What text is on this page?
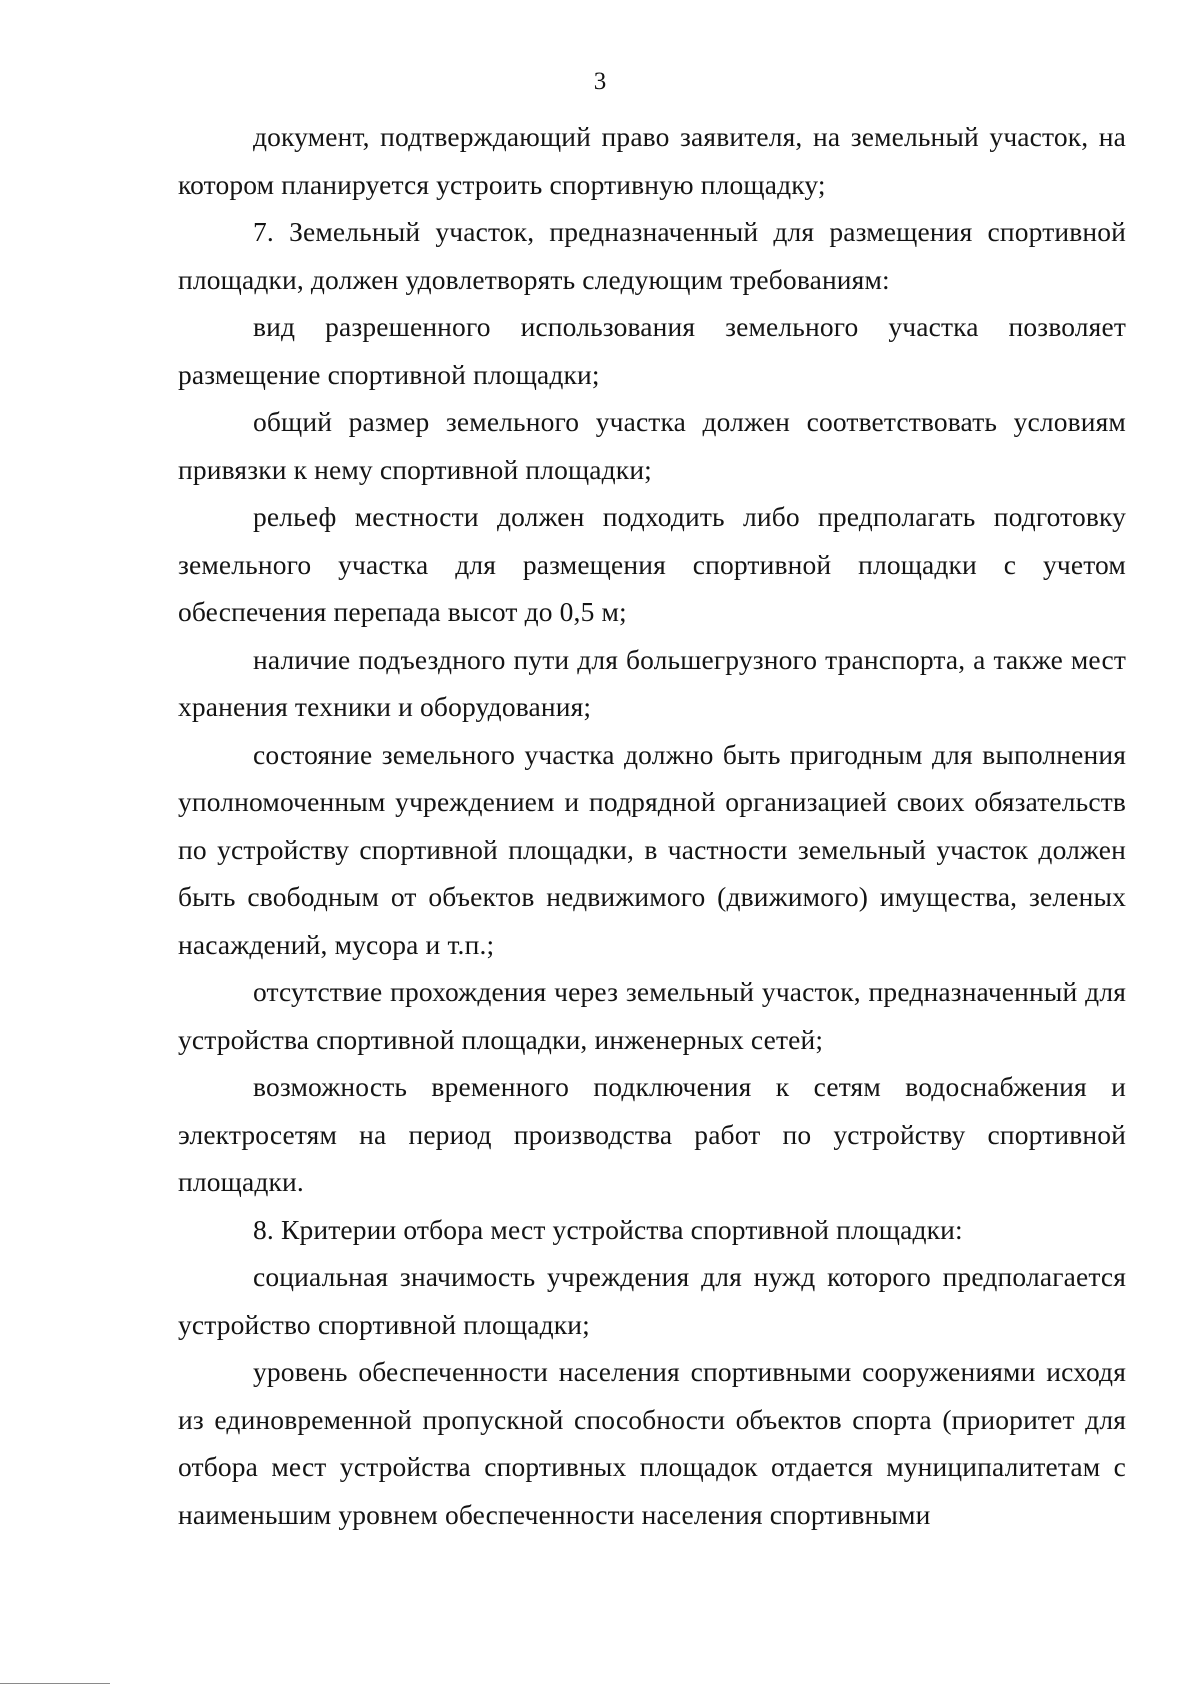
3

документ, подтверждающий право заявителя, на земельный участок, на котором планируется устроить спортивную площадку;

7. Земельный участок, предназначенный для размещения спортивной площадки, должен удовлетворять следующим требованиям:

вид разрешенного использования земельного участка позволяет размещение спортивной площадки;

общий размер земельного участка должен соответствовать условиям привязки к нему спортивной площадки;

рельеф местности должен подходить либо предполагать подготовку земельного участка для размещения спортивной площадки с учетом обеспечения перепада высот до 0,5 м;

наличие подъездного пути для большегрузного транспорта, а также мест хранения техники и оборудования;

состояние земельного участка должно быть пригодным для выполнения уполномоченным учреждением и подрядной организацией своих обязательств по устройству спортивной площадки, в частности земельный участок должен быть свободным от объектов недвижимого (движимого) имущества, зеленых насаждений, мусора и т.п.;

отсутствие прохождения через земельный участок, предназначенный для устройства спортивной площадки, инженерных сетей;

возможность временного подключения к сетям водоснабжения и электросетям на период производства работ по устройству спортивной площадки.

8. Критерии отбора мест устройства спортивной площадки:

социальная значимость учреждения для нужд которого предполагается устройство спортивной площадки;

уровень обеспеченности населения спортивными сооружениями исходя из единовременной пропускной способности объектов спорта (приоритет для отбора мест устройства спортивных площадок отдается муниципалитетам с наименьшим уровнем обеспеченности населения спортивными
